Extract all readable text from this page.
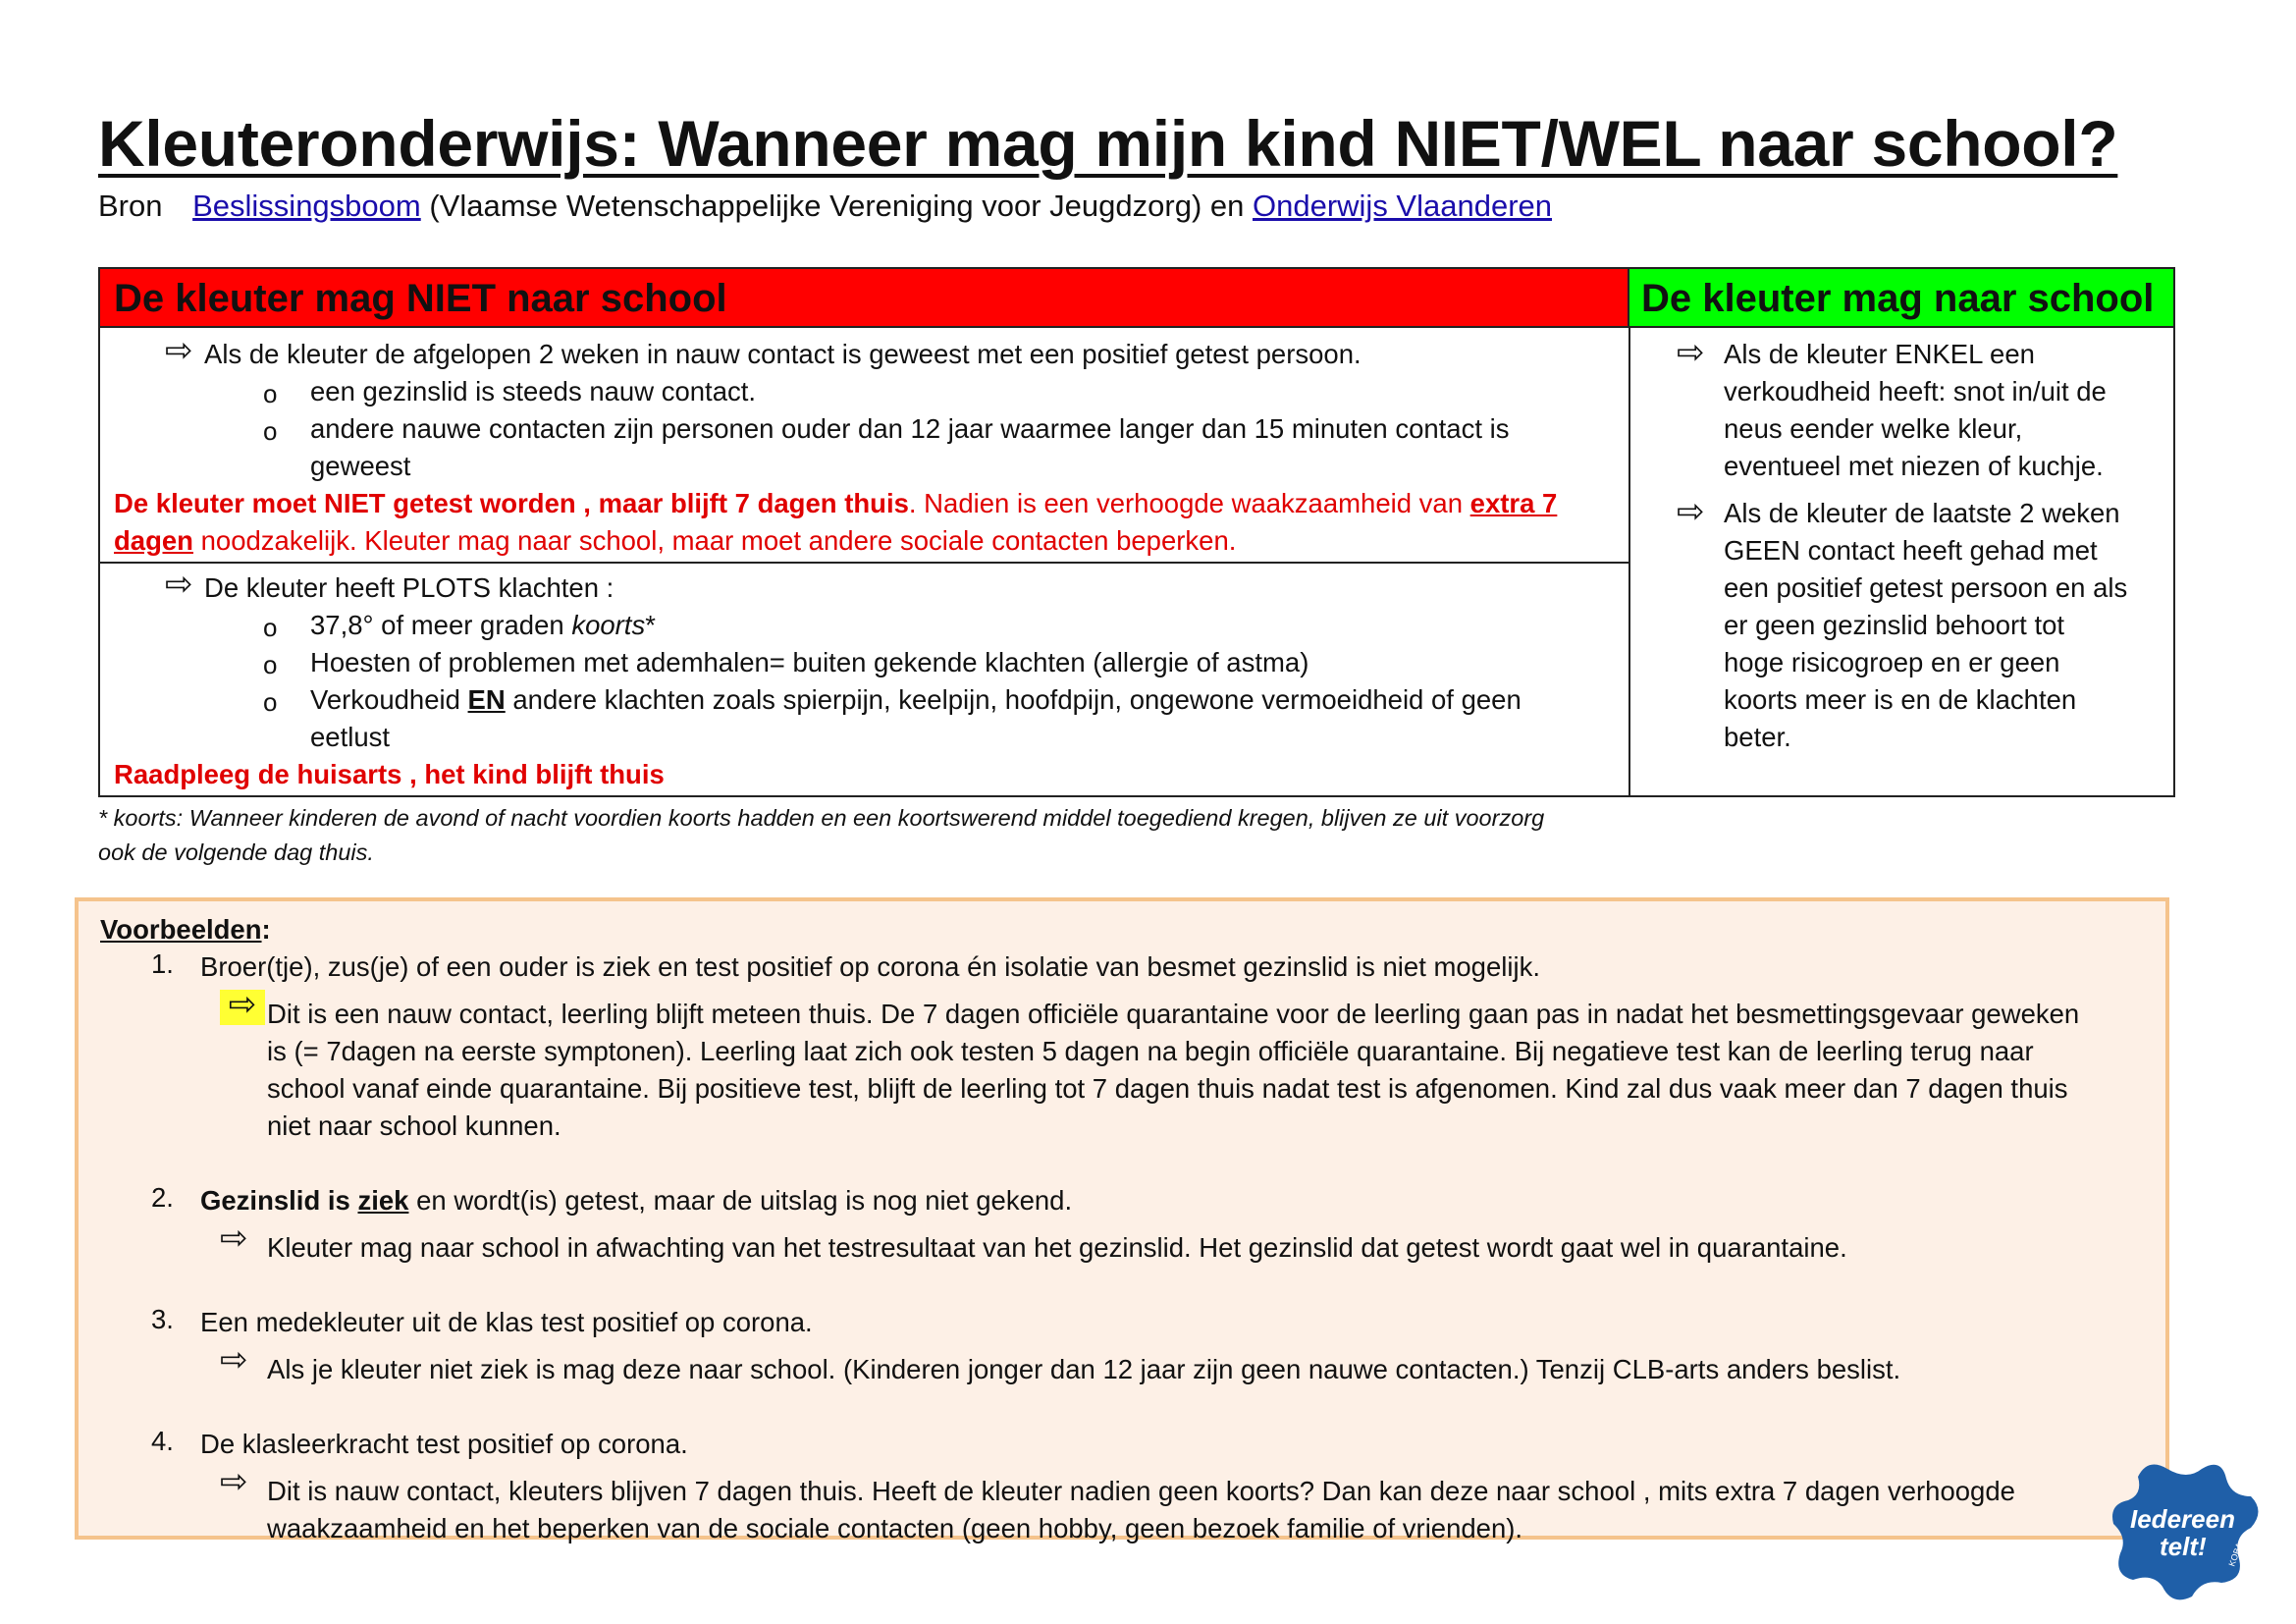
Kleuteronderwijs: Wanneer mag mijn kind NIET/WEL naar school?
Bron Beslissingsboom (Vlaamse Wetenschappelijke Vereniging voor Jeugdzorg) en Onderwijs Vlaanderen
De kleuter mag NIET naar school	De kleuter mag naar school
⇨ Als de kleuter de afgelopen 2 weken in nauw contact is geweest met een positief getest persoon.
o een gezinslid is steeds nauw contact.
o andere nauwe contacten zijn personen ouder dan 12 jaar waarmee langer dan 15 minuten contact is
geweest
De kleuter moet NIET getest worden , maar blijft 7 dagen thuis. Nadien is een verhoogde waakzaamheid van extra 7
dagen noodzakelijk. Kleuter mag naar school, maar moet andere sociale contacten beperken.
⇨ De kleuter heeft PLOTS klachten :
o 37,8° of meer graden koorts*
o Hoesten of problemen met ademhalen= buiten gekende klachten (allergie of astma)
o Verkoudheid EN andere klachten zoals spierpijn, keelpijn, hoofdpijn, ongewone vermoeidheid of geen
eetlust
Raadpleeg de huisarts , het kind blijft thuis
⇨ Als de kleuter ENKEL een
verkoudheid heeft: snot in/uit de
neus eender welke kleur,
eventueel met niezen of kuchje.
⇨ Als de kleuter de laatste 2 weken
GEEN contact heeft gehad met
een positief getest persoon en als
er geen gezinslid behoort tot
hoge risicogroep en er geen
koorts meer is en de klachten
beter.
* koorts: Wanneer kinderen de avond of nacht voordien koorts hadden en een koortswerend middel toegediend kregen, blijven ze uit voorzorg
ook de volgende dag thuis.
Voorbeelden:
1. Broer(tje), zus(je) of een ouder is ziek en test positief op corona én isolatie van besmet gezinslid is niet mogelijk.
⇨ Dit is een nauw contact, leerling blijft meteen thuis. De 7 dagen officiële quarantaine voor de leerling gaan pas in nadat het besmettingsgevaar geweken
is (= 7dagen na eerste symptonen). Leerling laat zich ook testen 5 dagen na begin officiële quarantaine. Bij negatieve test kan de leerling terug naar
school vanaf einde quarantaine. Bij positieve test, blijft de leerling tot 7 dagen thuis nadat test is afgenomen. Kind zal dus vaak meer dan 7 dagen thuis
niet naar school kunnen.
2. Gezinslid is ziek en wordt(is) getest, maar de uitslag is nog niet gekend.
⇨ Kleuter mag naar school in afwachting van het testresultaat van het gezinslid. Het gezinslid dat getest wordt gaat wel in quarantaine.
3. Een medekleuter uit de klas test positief op corona.
⇨ Als je kleuter niet ziek is mag deze naar school. (Kinderen jonger dan 12 jaar zijn geen nauwe contacten.) Tenzij CLB-arts anders beslist.
4. De klasleerkracht test positief op corona.
⇨ Dit is nauw contact, kleuters blijven 7 dagen thuis. Heeft de kleuter nadien geen koorts? Dan kan deze naar school , mits extra 7 dagen verhoogde
waakzaamheid en het beperken van de sociale contacten (geen hobby, geen bezoek familie of vrienden).	Iedereen
telt! KOBA
